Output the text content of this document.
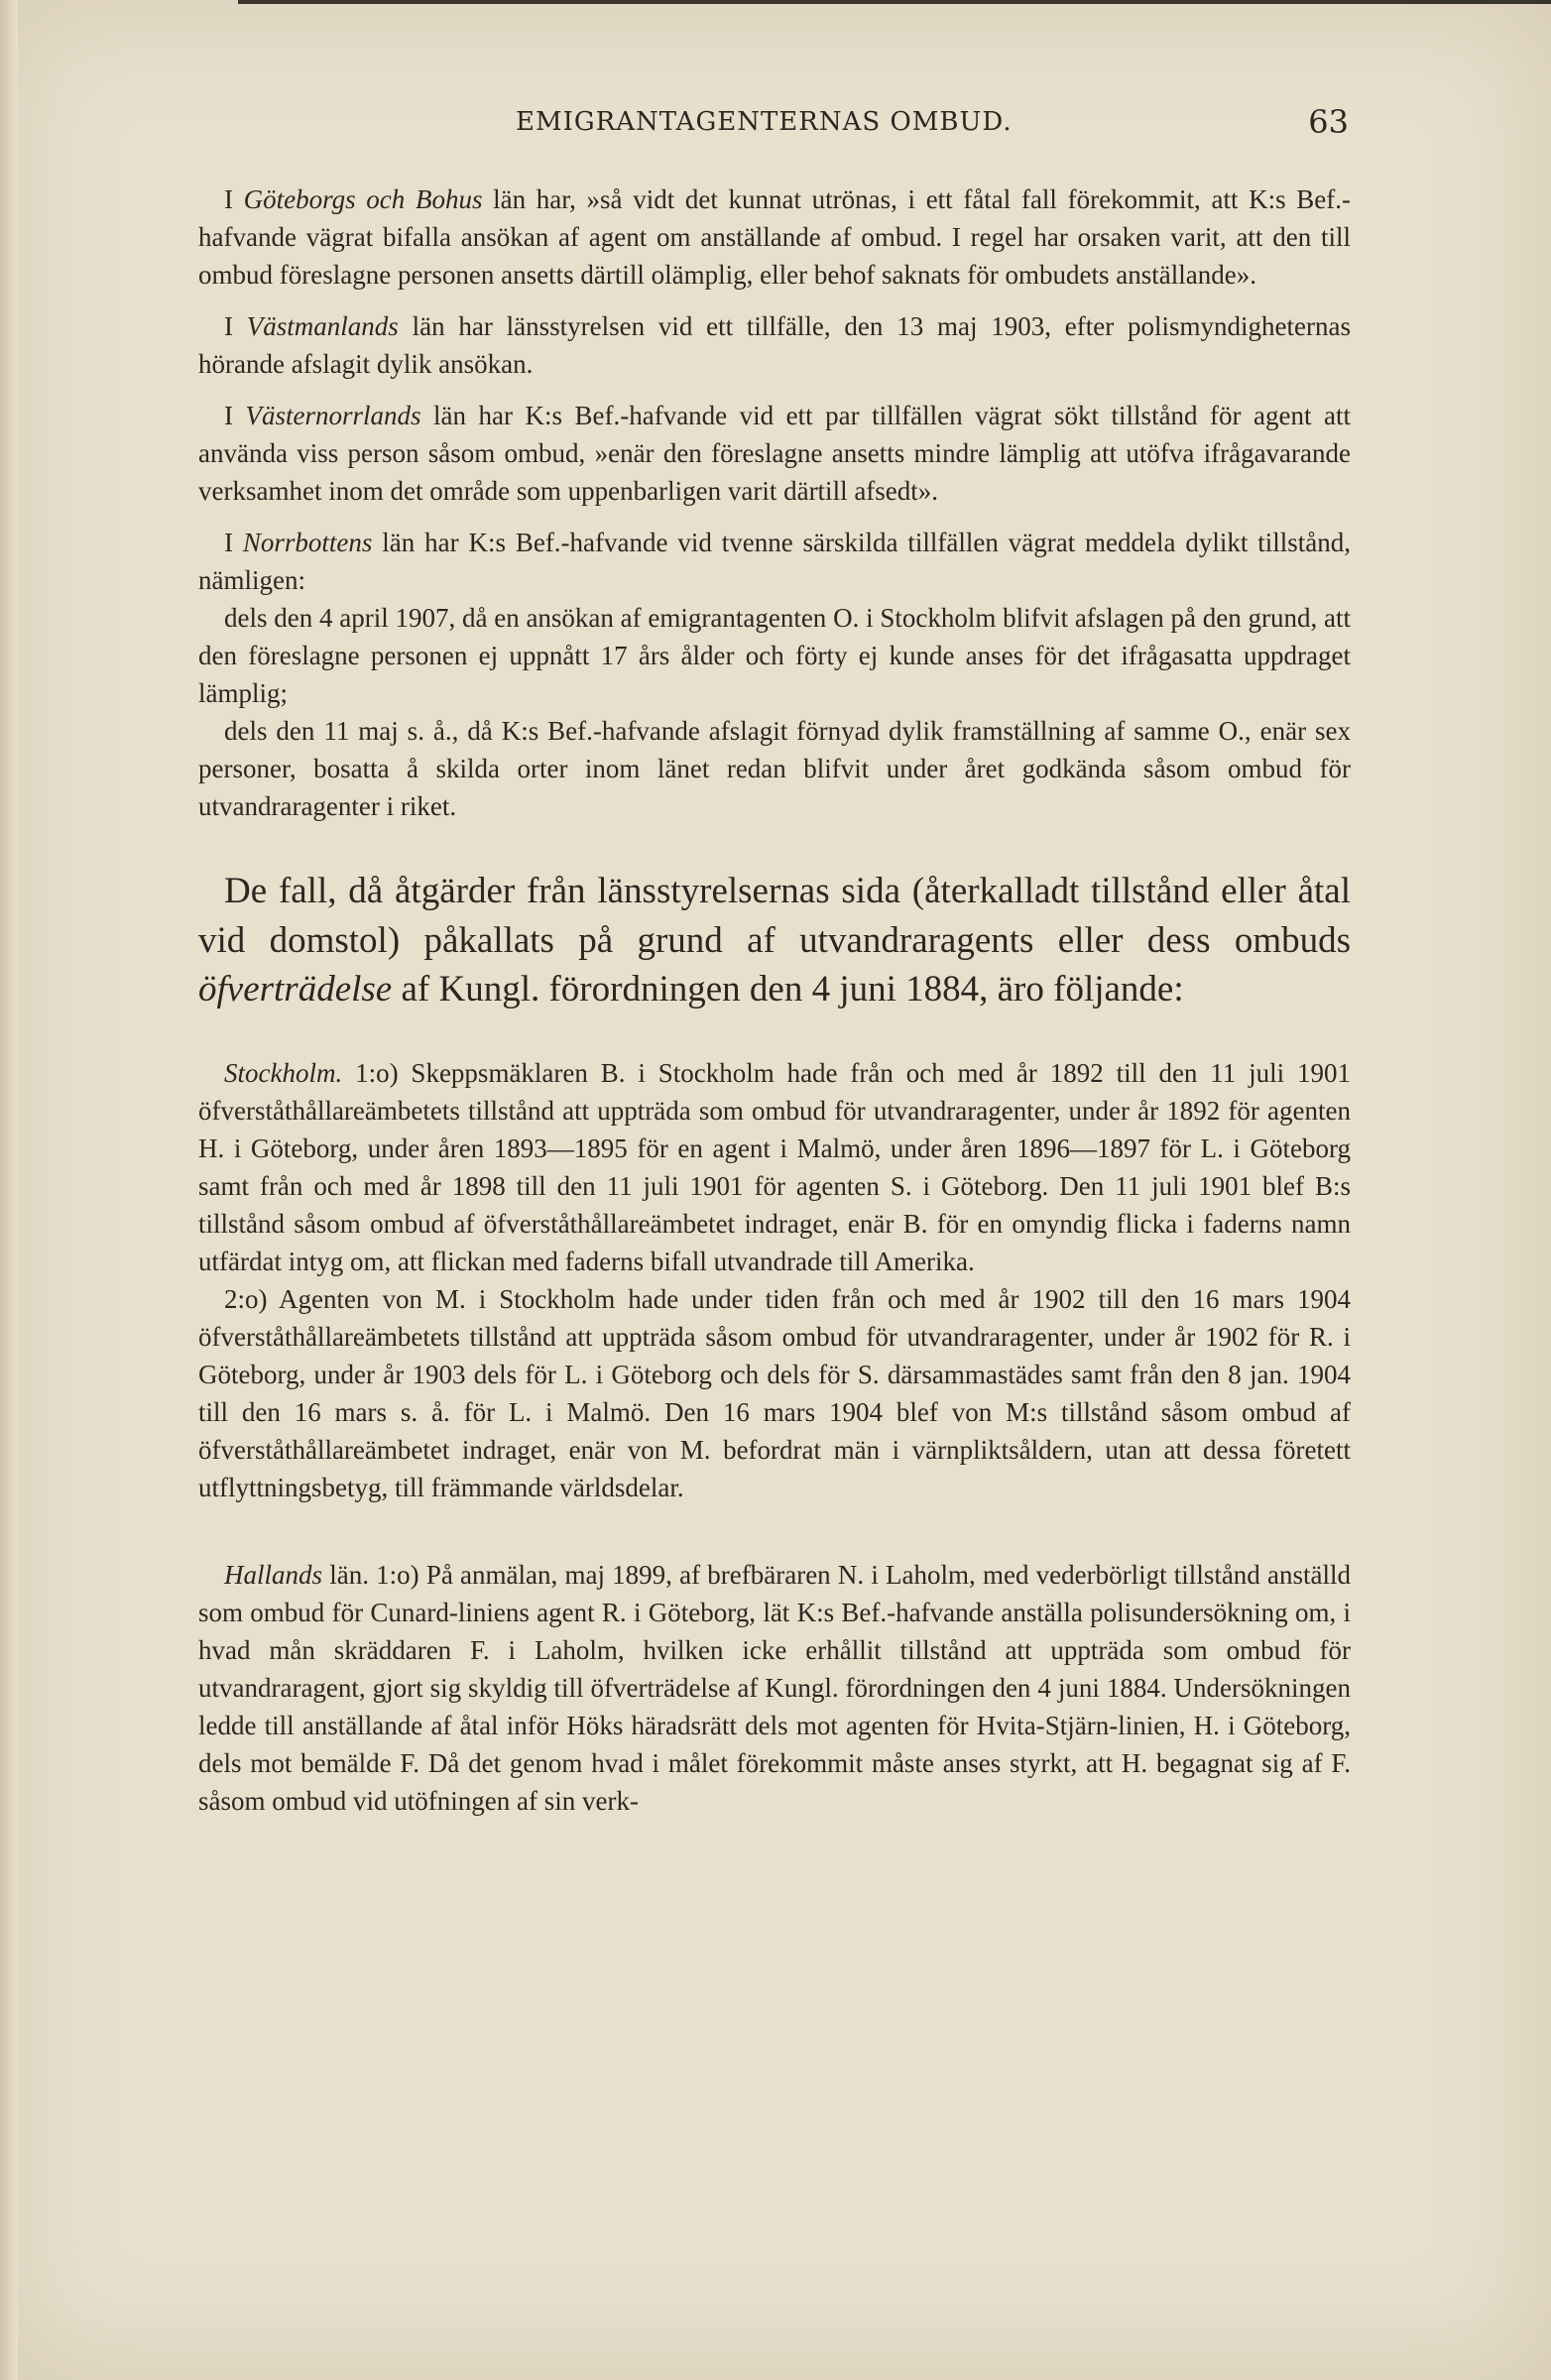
EMIGRANTAGENTERNAS OMBUD.	63

I Göteborgs och Bohus län har, »så vidt det kunnat utrönas, i ett fåtal fall förekommit, att K:s Bef.-hafvande vägrat bifalla ansökan af agent om anställande af ombud. I regel har orsaken varit, att den till ombud föreslagne personen ansetts därtill olämplig, eller behof saknats för ombudets anställande».

I Västmanlands län har länsstyrelsen vid ett tillfälle, den 13 maj 1903, efter polismyndigheternas hörande afslagit dylik ansökan.

I Västernorrlands län har K:s Bef.-hafvande vid ett par tillfällen vägrat sökt tillstånd för agent att använda viss person såsom ombud, »enär den föreslagne ansetts mindre lämplig att utöfva ifrågavarande verksamhet inom det område som uppenbarligen varit därtill afsedt».

I Norrbottens län har K:s Bef.-hafvande vid tvenne särskilda tillfällen vägrat meddela dylikt tillstånd, nämligen:

dels den 4 april 1907, då en ansökan af emigrantagenten O. i Stockholm blifvit afslagen på den grund, att den föreslagne personen ej uppnått 17 års ålder och förty ej kunde anses för det ifrågasatta uppdraget lämplig;

dels den 11 maj s. å., då K:s Bef.-hafvande afslagit förnyad dylik framställning af samme O., enär sex personer, bosatta å skilda orter inom länet redan blifvit under året godkända såsom ombud för utvandraragenter i riket.

De fall, då åtgärder från länsstyrelsernas sida (återkalladt tillstånd eller åtal vid domstol) påkallats på grund af utvandraragents eller dess ombuds öfverträdelse af Kungl. förordningen den 4 juni 1884, äro följande:

Stockholm. 1:o) Skeppsmäklaren B. i Stockholm hade från och med år 1892 till den 11 juli 1901 öfverståthållareämbetets tillstånd att uppträda som ombud för utvandraragenter, under år 1892 för agenten H. i Göteborg, under åren 1893—1895 för en agent i Malmö, under åren 1896—1897 för L. i Göteborg samt från och med år 1898 till den 11 juli 1901 för agenten S. i Göteborg. Den 11 juli 1901 blef B:s tillstånd såsom ombud af öfverståthållareämbetet indraget, enär B. för en omyndig flicka i faderns namn utfärdat intyg om, att flickan med faderns bifall utvandrade till Amerika.

2:o) Agenten von M. i Stockholm hade under tiden från och med år 1902 till den 16 mars 1904 öfverståthållareämbetets tillstånd att uppträda såsom ombud för utvandraragenter, under år 1902 för R. i Göteborg, under år 1903 dels för L. i Göteborg och dels för S. därsammastädes samt från den 8 jan. 1904 till den 16 mars s. å. för L. i Malmö. Den 16 mars 1904 blef von M:s tillstånd såsom ombud af öfverståthållareämbetet indraget, enär von M. befordrat män i värnpliktsåldern, utan att dessa företett utflyttningsbetyg, till främmande världsdelar.

Hallands län. 1:o) På anmälan, maj 1899, af brefbäraren N. i Laholm, med vederbörligt tillstånd anställd som ombud för Cunard-liniens agent R. i Göteborg, lät K:s Bef.-hafvande anställa polisundersökning om, i hvad mån skräddaren F. i Laholm, hvilken icke erhållit tillstånd att uppträda som ombud för utvandraragent, gjort sig skyldig till öfverträdelse af Kungl. förordningen den 4 juni 1884. Undersökningen ledde till anställande af åtal inför Höks häradsrätt dels mot agenten för Hvita-Stjärn-linien, H. i Göteborg, dels mot bemälde F. Då det genom hvad i målet förekommit måste anses styrkt, att H. begagnat sig af F. såsom ombud vid utöfningen af sin verk-
